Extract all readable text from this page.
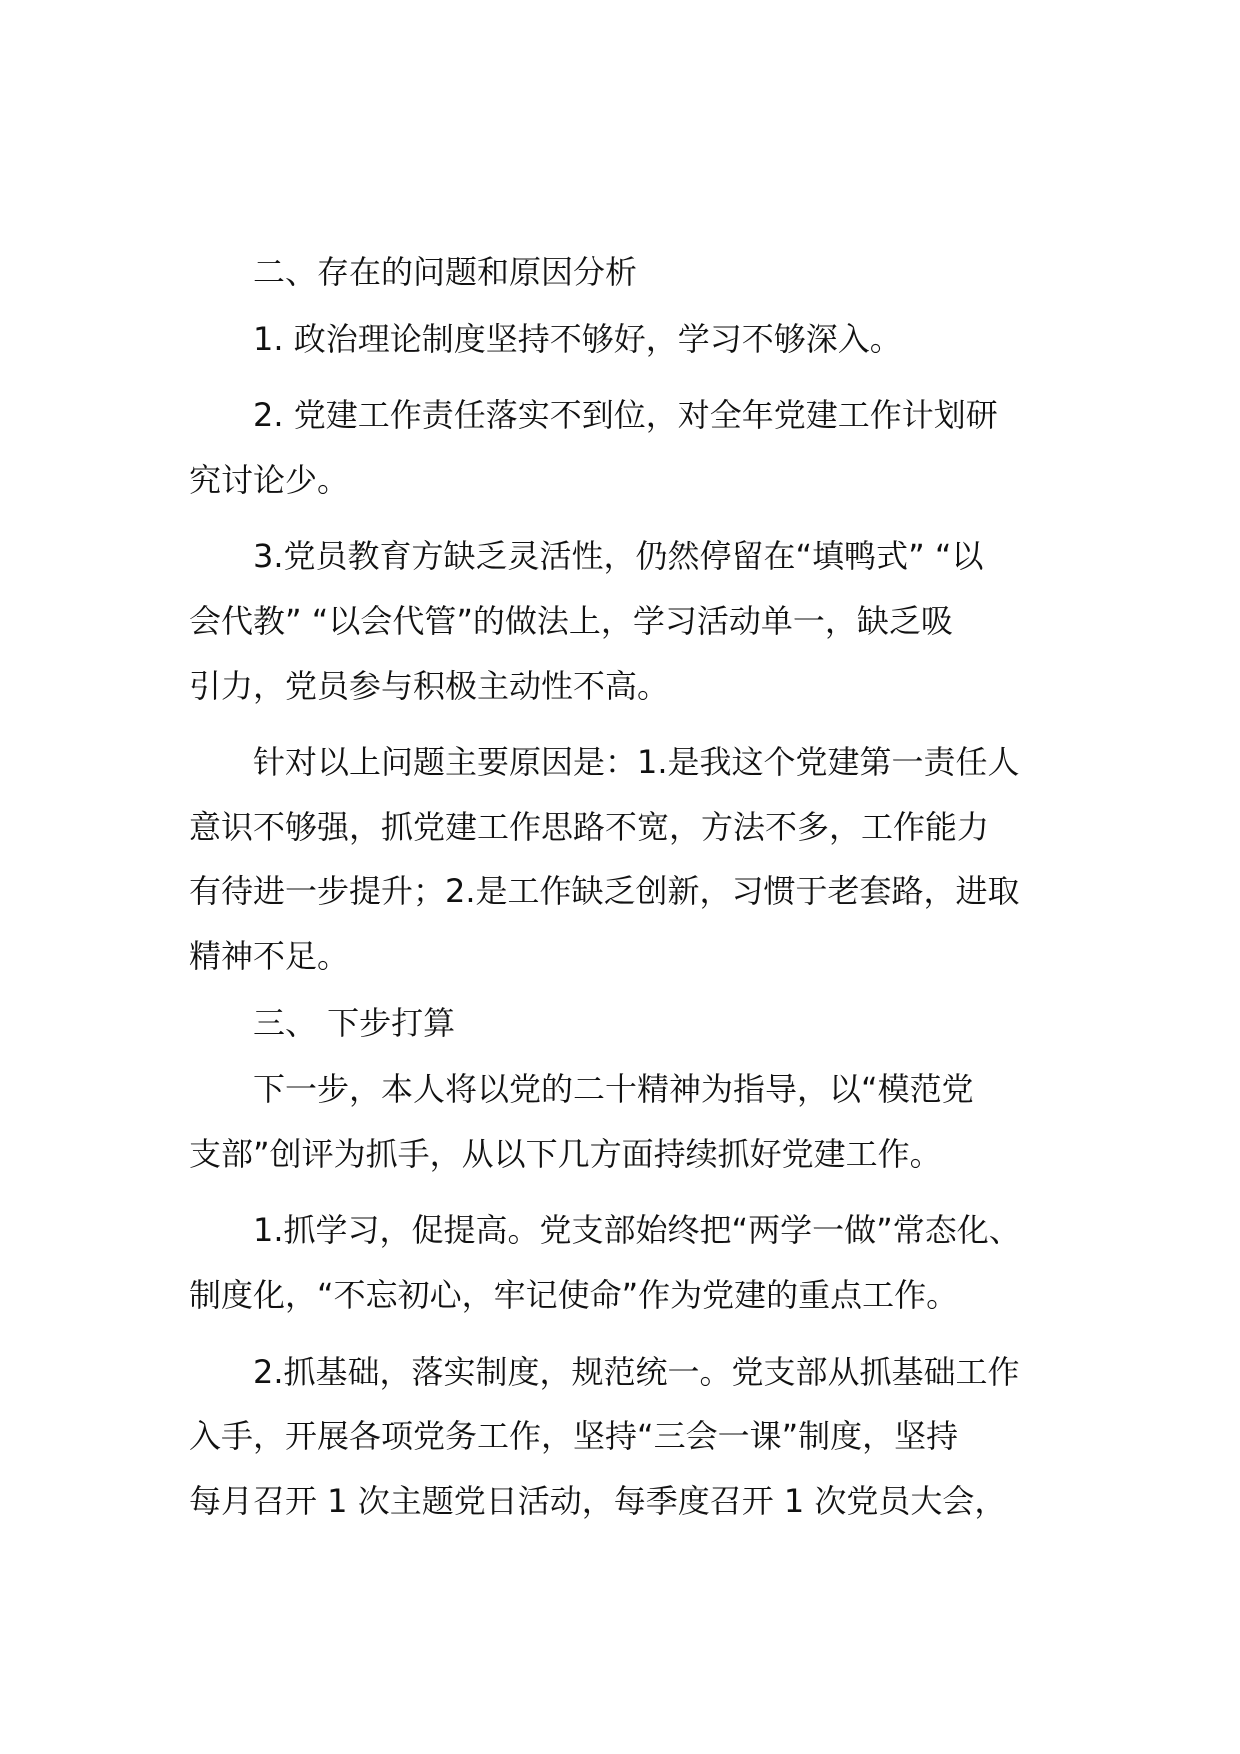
二、存在的问题和原因分析

1. 政治理论制度坚持不够好，学习不够深入。

2. 党建工作责任落实不到位，对全年党建工作计划研
究讨论少。

3.党员教育方缺乏灵活性，仍然停留在“填鸭式” “以
会代教” “以会代管”的做法上，学习活动单一，缺乏吸
引力，党员参与积极主动性不高。

针对以上问题主要原因是：1.是我这个党建第一责任人
意识不够强，抓党建工作思路不宽，方法不多，工作能力
有待进一步提升；2.是工作缺乏创新，习惯于老套路，进取
精神不足。

三、 下步打算

下一步，本人将以党的二十精神为指导，以“模范党
支部”创评为抓手，从以下几方面持续抓好党建工作。

1.抓学习，促提高。党支部始终把“两学一做”常态化、
制度化，“不忘初心，牢记使命”作为党建的重点工作。

2.抓基础，落实制度，规范统一。党支部从抓基础工作
入手，开展各项党务工作，坚持“三会一课”制度，坚持
每月召开 1 次主题党日活动，每季度召开 1 次党员大会，
